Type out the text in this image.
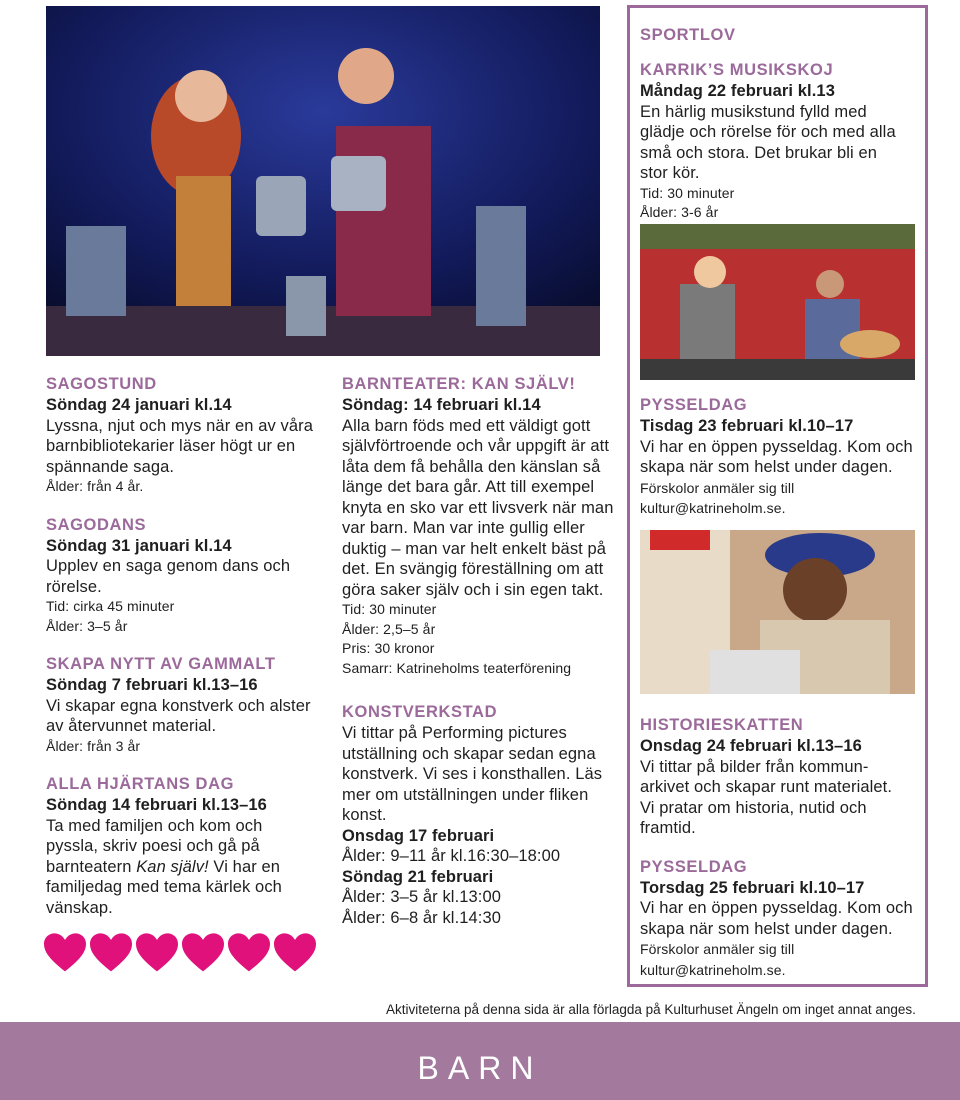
SAGOSTUND
Söndag 24 januari kl.14
Lyssna, njut och mys när en av våra barnbibliotekarier läser högt ur en spännande saga.
Ålder: från 4 år.
SAGODANS
Söndag 31 januari kl.14
Upplev en saga genom dans och rörelse.
Tid: cirka 45 minuter
Ålder: 3–5 år
SKAPA NYTT AV GAMMALT
Söndag 7 februari kl.13–16
Vi skapar egna konstverk och alster av återvunnet material.
Ålder: från 3 år
ALLA HJÄRTANS DAG
Söndag 14 februari kl.13–16
Ta med familjen och kom och pyssla, skriv poesi och gå på barnteatern Kan själv! Vi har en familjedag med tema kärlek och vänskap.
BARNTEATER: KAN SJÄLV!
Söndag: 14 februari kl.14
Alla barn föds med ett väldigt gott självförtroende och vår uppgift är att låta dem få behålla den känslan så länge det bara går. Att till exempel knyta en sko var ett livsverk när man var barn. Man var inte gullig eller duktig – man var helt enkelt bäst på det. En svängig föreställning om att göra saker själv och i sin egen takt.
Tid: 30 minuter
Ålder: 2,5–5 år
Pris: 30 kronor
Samarr: Katrineholms teaterförening
KONSTVERKSTAD
Vi tittar på Performing pictures utställning och skapar sedan egna konstverk. Vi ses i konsthallen. Läs mer om utställningen under fliken konst.
Onsdag 17 februari
Ålder: 9–11 år kl.16:30–18:00
Söndag 21 februari
Ålder: 3–5 år kl.13:00
Ålder: 6–8 år kl.14:30
SPORTLOV
KARRIK’S MUSIKSKOJ
Måndag 22 februari kl.13
En härlig musikstund fylld med glädje och rörelse för och med alla små och stora. Det brukar bli en stor kör.
Tid: 30 minuter
Ålder: 3-6 år
PYSSELDAG
Tisdag 23 februari kl.10–17
Vi har en öppen pysseldag. Kom och skapa när som helst under dagen. Förskolor anmäler sig till kultur@katrineholm.se.
HISTORIESKATTEN
Onsdag 24 februari kl.13–16
Vi tittar på bilder från kommunarkivet och skapar runt materialet. Vi pratar om historia, nutid och framtid.
PYSSELDAG
Torsdag 25 februari kl.10–17
Vi har en öppen pysseldag. Kom och skapa när som helst under dagen. Förskolor anmäler sig till kultur@katrineholm.se.
Aktiviteterna på denna sida är alla förlagda på Kulturhuset Ängeln om inget annat anges.
BARN
